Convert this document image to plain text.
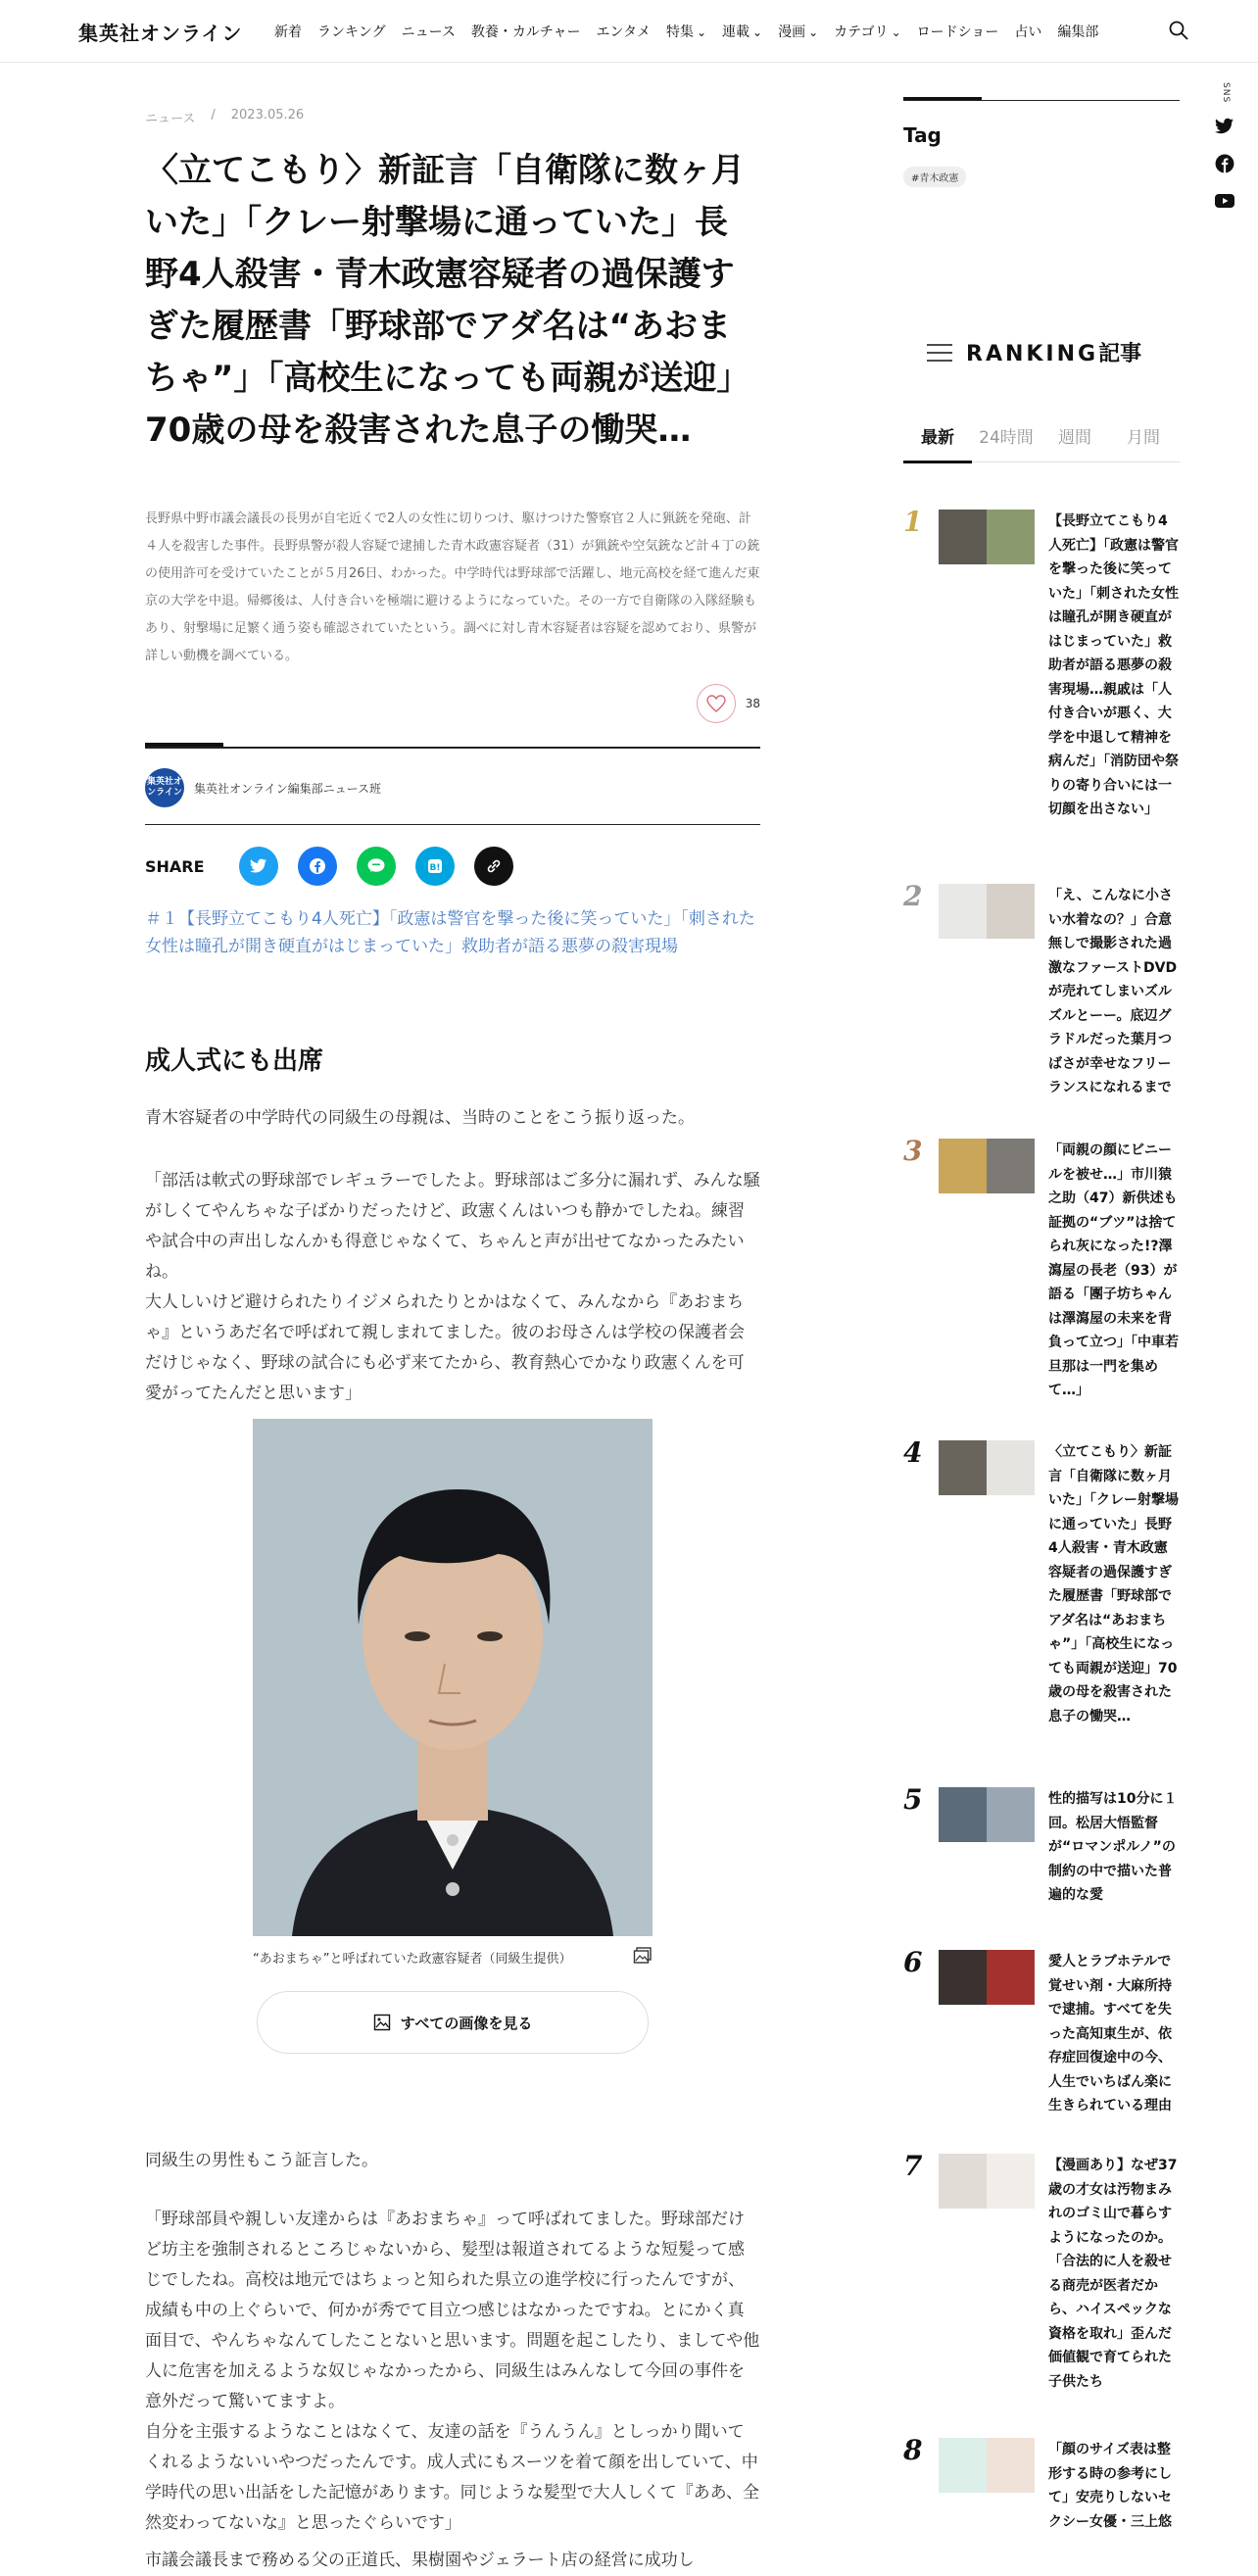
集英社オンライン 新着 ランキング ニュース 教養・カルチャー エンタメ 特集 ⌄ 連載 ⌄ 漫画 ⌄ カテゴリ ⌄ ロードショー 占い 編集部
ニュース / 2023.05.26
〈立てこもり〉新証言「自衛隊に数ヶ月いた」「クレー射撃場に通っていた」長野4人殺害・青木政憲容疑者の過保護すぎた履歴書「野球部でアダ名は“あおまちゃ”」「高校生になっても両親が送迎」70歳の母を殺害された息子の慟哭…

長野県中野市議会議長の長男が自宅近くで2人の女性に切りつけ、駆けつけた警察官２人に猟銃を発砲、計４人を殺害した事件。長野県警が殺人容疑で逮捕した青木政憲容疑者（31）が猟銃や空気銃など計４丁の銃の使用許可を受けていたことが５月26日、わかった。中学時代は野球部で活躍し、地元高校を経て進んだ東京の大学を中退。帰郷後は、人付き合いを極端に避けるようになっていた。その一方で自衛隊の入隊経験もあり、射撃場に足繁く通う姿も確認されていたという。調べに対し青木容疑者は容疑を認めており、県警が詳しい動機を調べている。

38
集英社オンライン 集英社オンライン編集部ニュース班
SHARE	B!
＃１【長野立てこもり4人死亡】「政憲は警官を撃った後に笑っていた」「刺された女性は瞳孔が開き硬直がはじまっていた」救助者が語る悪夢の殺害現場
成人式にも出席

青木容疑者の中学時代の同級生の母親は、当時のことをこう振り返った。

「部活は軟式の野球部でレギュラーでしたよ。野球部はご多分に漏れず、みんな騒がしくてやんちゃな子ばかりだったけど、政憲くんはいつも静かでしたね。練習や試合中の声出しなんかも得意じゃなくて、ちゃんと声が出せてなかったみたいね。
大人しいけど避けられたりイジメられたりとかはなくて、みんなから『あおまちゃ』というあだ名で呼ばれて親しまれてました。彼のお母さんは学校の保護者会だけじゃなく、野球の試合にも必ず来てたから、教育熱心でかなり政憲くんを可愛がってたんだと思います」

“あおまちゃ”と呼ばれていた政憲容疑者（同級生提供）
すべての画像を見る

同級生の男性もこう証言した。

「野球部員や親しい友達からは『あおまちゃ』って呼ばれてました。野球部だけど坊主を強制されるところじゃないから、髪型は報道されてるような短髪って感じでしたね。高校は地元ではちょっと知られた県立の進学校に行ったんですが、成績も中の上ぐらいで、何かが秀でて目立つ感じはなかったですね。とにかく真面目で、やんちゃなんてしたことないと思います。問題を起こしたり、ましてや他人に危害を加えるような奴じゃなかったから、同級生はみんなして今回の事件を意外だって驚いてますよ。
自分を主張するようなことはなくて、友達の話を『うんうん』としっかり聞いてくれるようないいやつだったんです。成人式にもスーツを着て顔を出していて、中学時代の思い出話をした記憶があります。同じような髪型で大人しくて『ああ、全然変わってないな』と思ったぐらいです」

市議会議長まで務める父の正道氏、果樹園やジェラート店の経営に成功し

Tag
#青木政憲
RANKING記事
最新	24時間	週間	月間
1	【長野立てこもり4人死亡】「政憲は警官を撃った後に笑っていた」「刺された女性は瞳孔が開き硬直がはじまっていた」救助者が語る悪夢の殺害現場…親戚は「人付き合いが悪く、大学を中退して精神を病んだ」「消防団や祭りの寄り合いには一切顔を出さない」
2	「え、こんなに小さい水着なの？」合意無しで撮影された過激なファーストDVDが売れてしまいズルズルとーー。底辺グラドルだった葉月つばさが幸せなフリーランスになれるまで
3	「両親の顔にビニールを被せ…」市川猿之助（47）新供述も証拠の“ブツ”は捨てられ灰になった!?澤瀉屋の長老（93）が語る「團子坊ちゃんは澤瀉屋の未来を背負って立つ」「中車若旦那は一門を集めて…」
4	〈立てこもり〉新証言「自衛隊に数ヶ月いた」「クレー射撃場に通っていた」長野4人殺害・青木政憲容疑者の過保護すぎた履歴書「野球部でアダ名は“あおまちゃ”」「高校生になっても両親が送迎」70歳の母を殺害された息子の慟哭…
5	性的描写は10分に１回。松居大悟監督が“ロマンポルノ”の制約の中で描いた普遍的な愛
6	愛人とラブホテルで覚せい剤・大麻所持で逮捕。すべてを失った高知東生が、依存症回復途中の今、人生でいちばん楽に生きられている理由
7	【漫画あり】なぜ37歳の才女は汚物まみれのゴミ山で暮らすようになったのか。「合法的に人を殺せる商売が医者だから、ハイスペックな資格を取れ」歪んだ価値観で育てられた子供たち
8	「顔のサイズ表は整形する時の参考にして」安売りしないセクシー女優・三上悠
SNS
